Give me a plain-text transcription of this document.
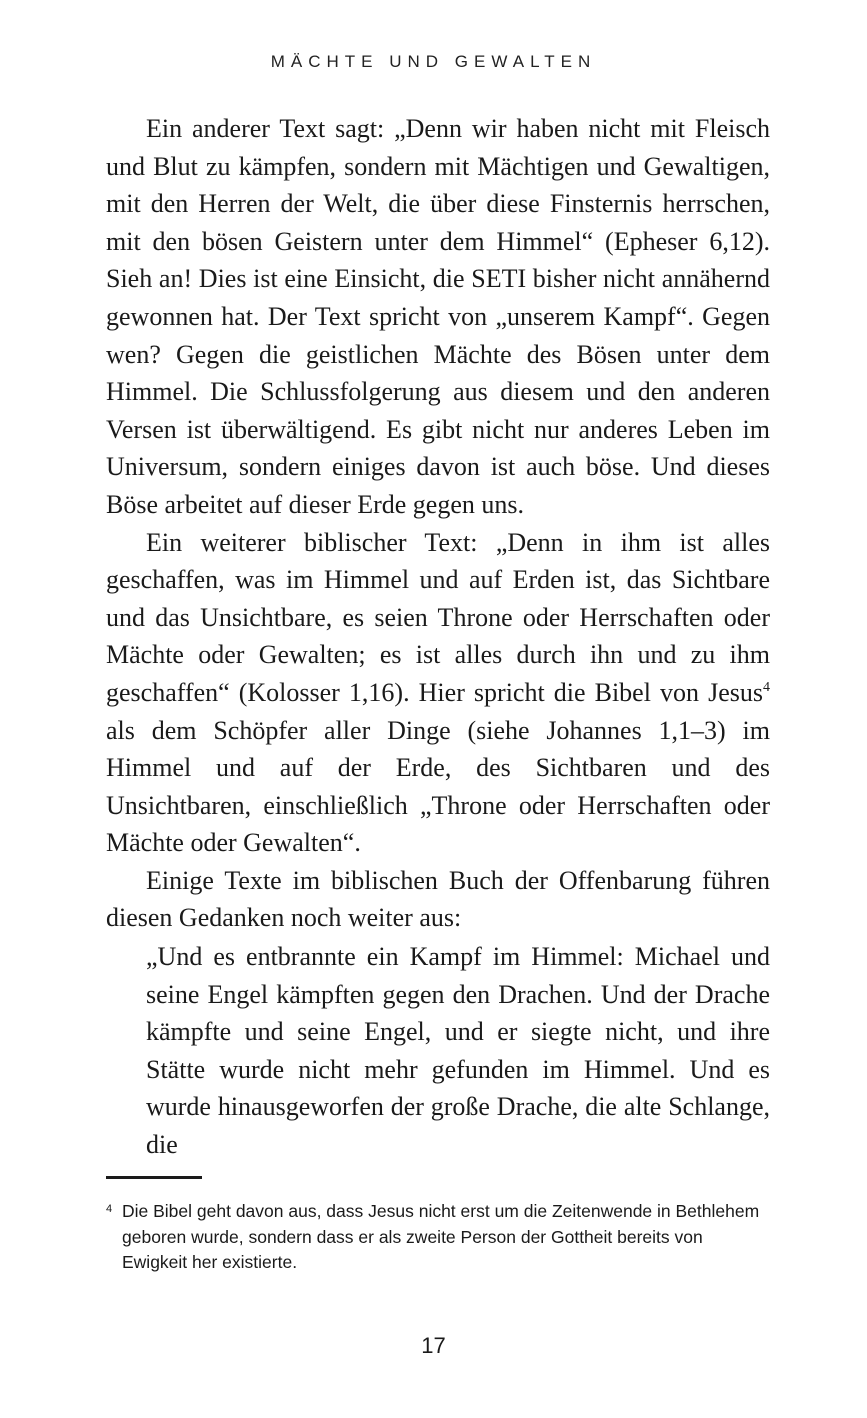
MÄCHTE UND GEWALTEN

Ein anderer Text sagt: „Denn wir haben nicht mit Fleisch und Blut zu kämpfen, sondern mit Mächtigen und Gewaltigen, mit den Herren der Welt, die über diese Finsternis herrschen, mit den bösen Geistern unter dem Himmel“ (Epheser 6,12). Sieh an! Dies ist eine Einsicht, die SETI bisher nicht annähernd gewonnen hat. Der Text spricht von „unserem Kampf“. Gegen wen? Gegen die geistlichen Mächte des Bösen unter dem Himmel. Die Schlussfolgerung aus diesem und den anderen Versen ist überwältigend. Es gibt nicht nur anderes Leben im Universum, sondern einiges davon ist auch böse. Und dieses Böse arbeitet auf dieser Erde gegen uns.

Ein weiterer biblischer Text: „Denn in ihm ist alles geschaffen, was im Himmel und auf Erden ist, das Sichtbare und das Unsichtbare, es seien Throne oder Herrschaften oder Mächte oder Gewalten; es ist alles durch ihn und zu ihm geschaffen“ (Kolosser 1,16). Hier spricht die Bibel von Jesus$^4$ als dem Schöpfer aller Dinge (siehe Johannes 1,1–3) im Himmel und auf der Erde, des Sichtbaren und des Unsichtbaren, einschließlich „Throne oder Herrschaften oder Mächte oder Gewalten“.

Einige Texte im biblischen Buch der Offenbarung führen diesen Gedanken noch weiter aus:

„Und es entbrannte ein Kampf im Himmel: Michael und seine Engel kämpften gegen den Drachen. Und der Drache kämpfte und seine Engel, und er siegte nicht, und ihre Stätte wurde nicht mehr gefunden im Himmel. Und es wurde hinausgeworfen der große Drache, die alte Schlange, die

4 Die Bibel geht davon aus, dass Jesus nicht erst um die Zeitenwende in Bethlehem geboren wurde, sondern dass er als zweite Person der Gottheit bereits von Ewigkeit her existierte.
17
